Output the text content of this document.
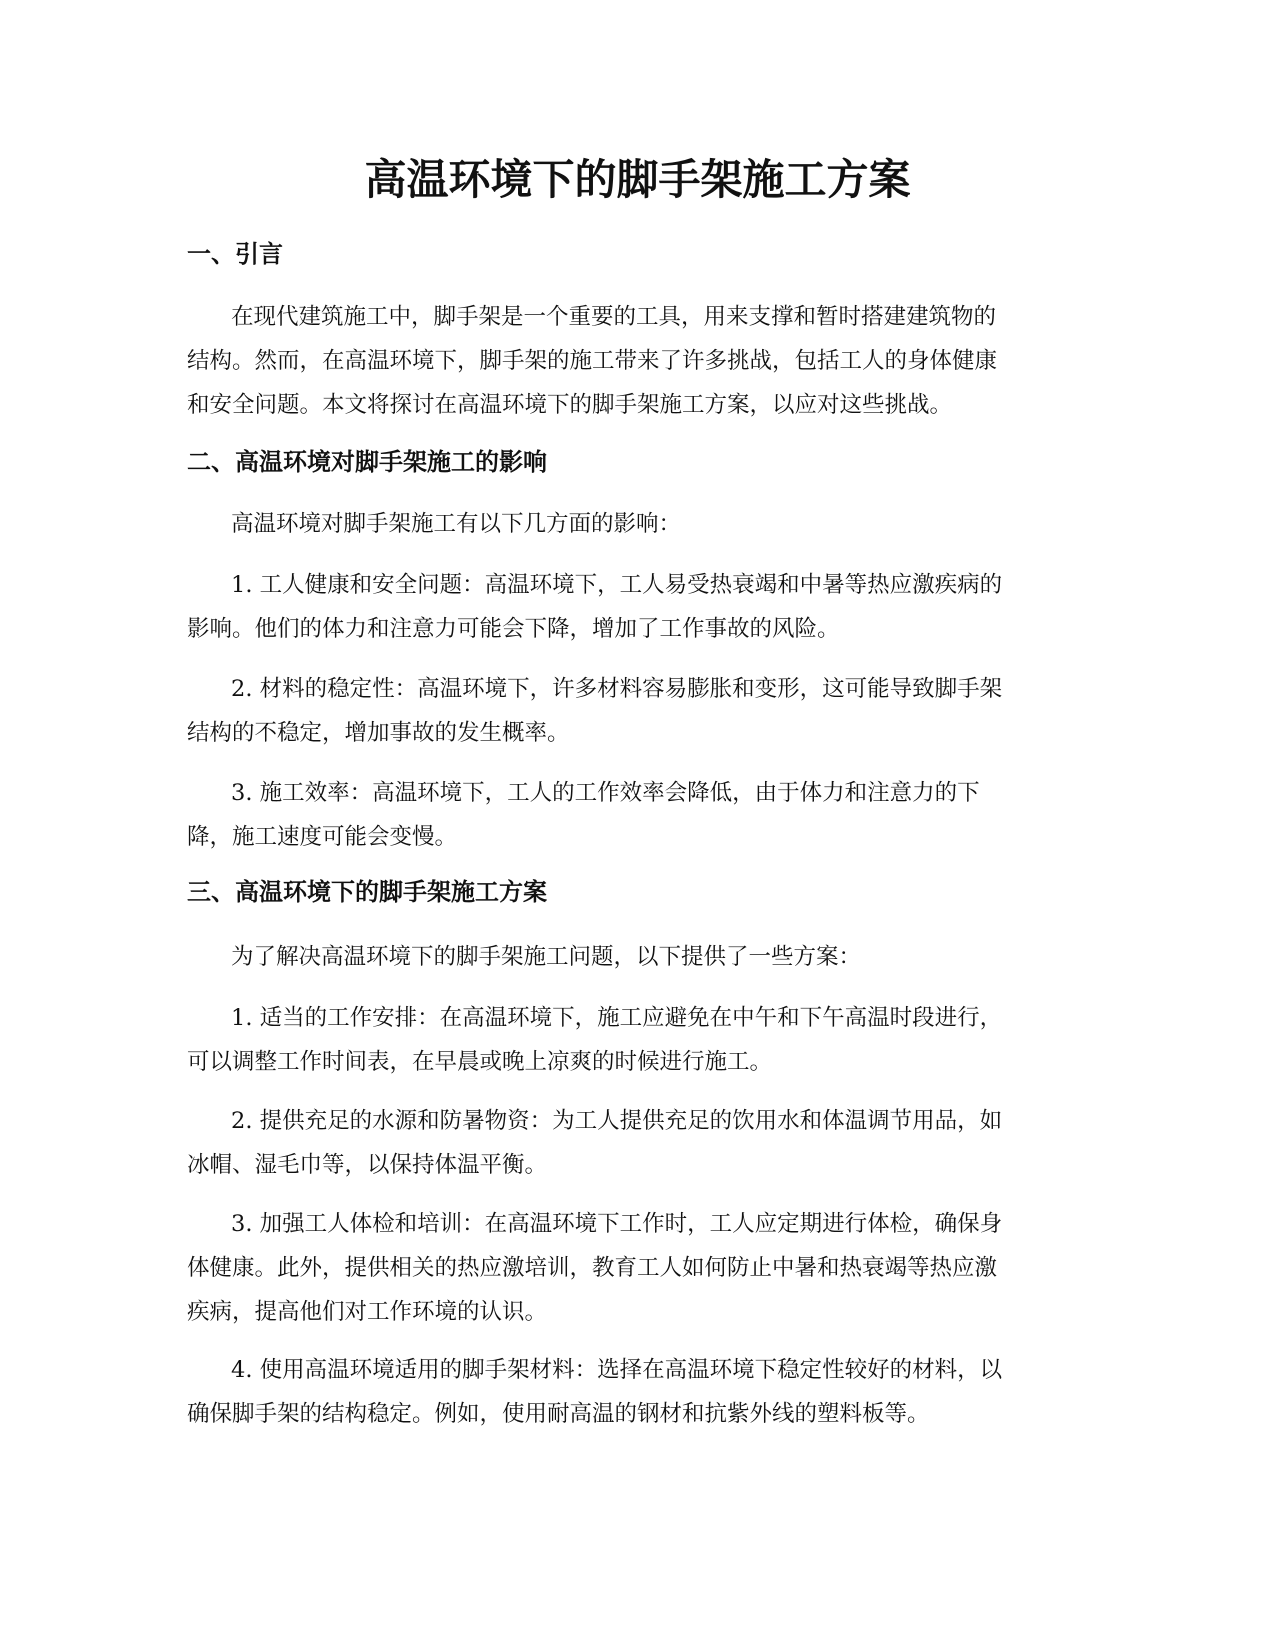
高温环境下的脚手架施工方案
一、引言
在现代建筑施工中，脚手架是一个重要的工具，用来支撑和暂时搭建建筑物的
结构。然而，在高温环境下，脚手架的施工带来了许多挑战，包括工人的身体健康
和安全问题。本文将探讨在高温环境下的脚手架施工方案，以应对这些挑战。
二、高温环境对脚手架施工的影响
高温环境对脚手架施工有以下几方面的影响：
1. 工人健康和安全问题：高温环境下，工人易受热衰竭和中暑等热应激疾病的
影响。他们的体力和注意力可能会下降，增加了工作事故的风险。
2. 材料的稳定性：高温环境下，许多材料容易膨胀和变形，这可能导致脚手架
结构的不稳定，增加事故的发生概率。
3. 施工效率：高温环境下，工人的工作效率会降低，由于体力和注意力的下
降，施工速度可能会变慢。
三、高温环境下的脚手架施工方案
为了解决高温环境下的脚手架施工问题，以下提供了一些方案：
1. 适当的工作安排：在高温环境下，施工应避免在中午和下午高温时段进行，
可以调整工作时间表，在早晨或晚上凉爽的时候进行施工。
2. 提供充足的水源和防暑物资：为工人提供充足的饮用水和体温调节用品，如
冰帽、湿毛巾等，以保持体温平衡。
3. 加强工人体检和培训：在高温环境下工作时，工人应定期进行体检，确保身
体健康。此外，提供相关的热应激培训，教育工人如何防止中暑和热衰竭等热应激
疾病，提高他们对工作环境的认识。
4. 使用高温环境适用的脚手架材料：选择在高温环境下稳定性较好的材料，以
确保脚手架的结构稳定。例如，使用耐高温的钢材和抗紫外线的塑料板等。
